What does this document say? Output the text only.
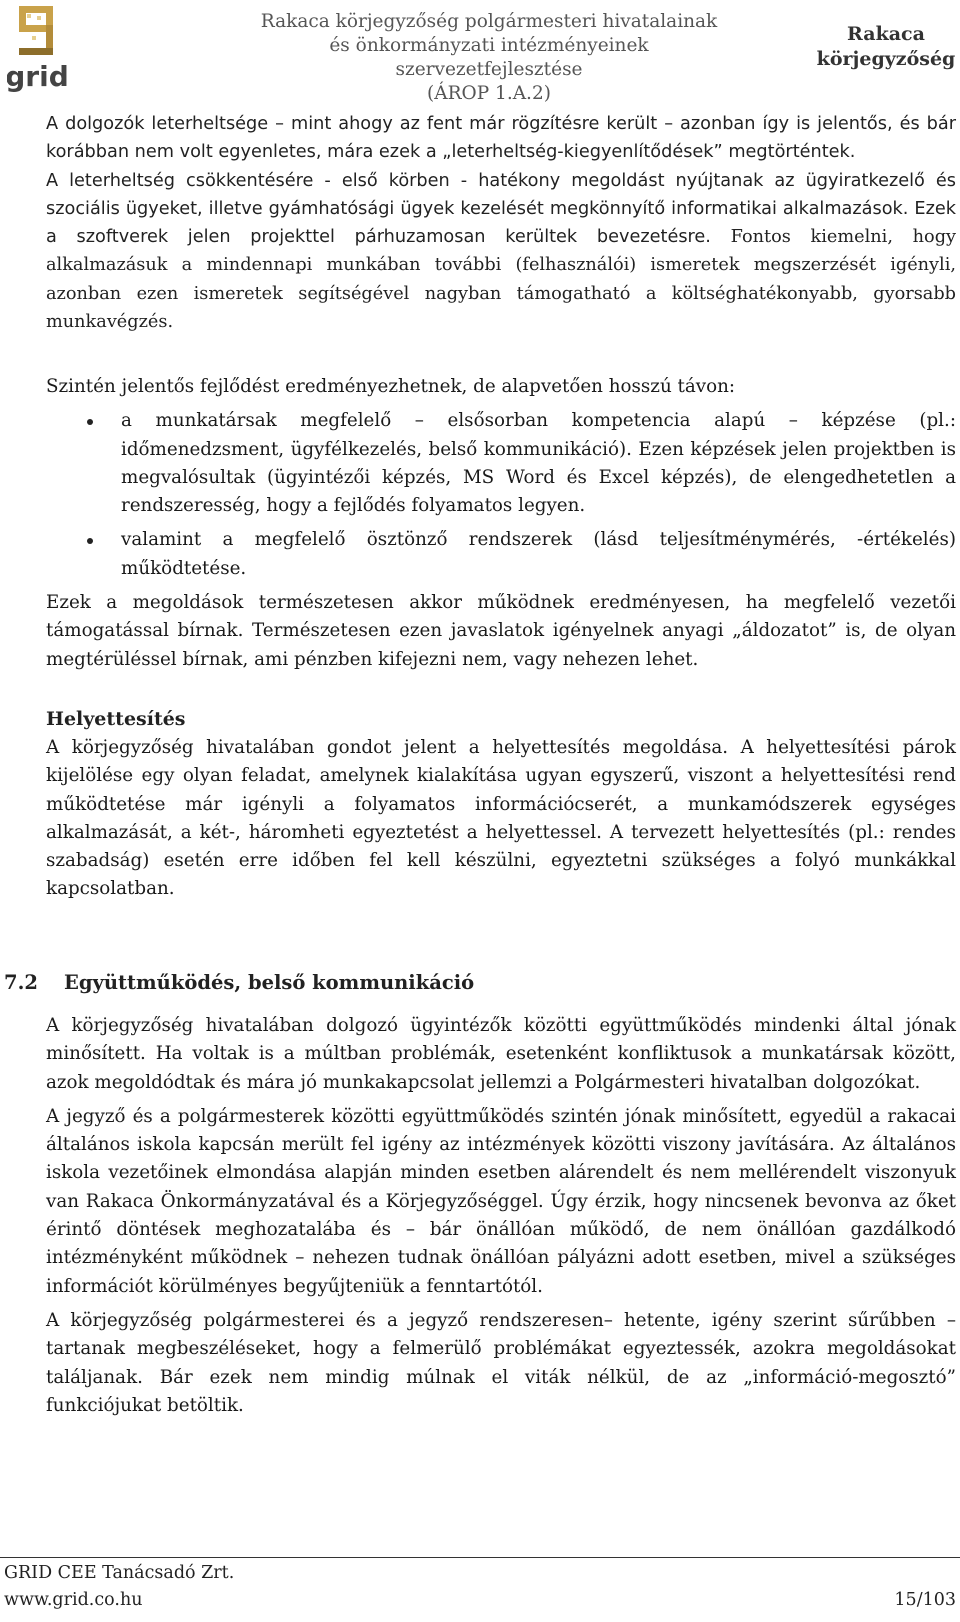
grid
Rakaca körjegyzőség polgármesteri hivatalainak
és önkormányzati intézményeinek szervezetfejlesztése
(ÁROP 1.A.2)
Rakaca
körjegyzőség

A dolgozók leterheltsége – mint ahogy az fent már rögzítésre került – azonban így is jelentős, és bár korábban nem volt egyenletes, mára ezek a „leterheltség-kiegyenlítődések” megtörténtek.

A leterheltség csökkentésére - első körben - hatékony megoldást nyújtanak az ügyiratkezelő és szociális ügyeket, illetve gyámhatósági ügyek kezelését megkönnyítő informatikai alkalmazások. Ezek a szoftverek jelen projekttel párhuzamosan kerültek bevezetésre. Fontos kiemelni, hogy alkalmazásuk a mindennapi munkában további (felhasználói) ismeretek megszerzését igényli, azonban ezen ismeretek segítségével nagyban támogatható a költséghatékonyabb, gyorsabb munkavégzés.

Szintén jelentős fejlődést eredményezhetnek, de alapvetően hosszú távon:

a munkatársak megfelelő – elsősorban kompetencia alapú – képzése (pl.: időmenedzsment, ügyfélkezelés, belső kommunikáció). Ezen képzések jelen projektben is megvalósultak (ügyintézői képzés, MS Word és Excel képzés), de elengedhetetlen a rendszeresség, hogy a fejlődés folyamatos legyen.

valamint a megfelelő ösztönző rendszerek (lásd teljesítménymérés, -értékelés) működtetése.

Ezek a megoldások természetesen akkor működnek eredményesen, ha megfelelő vezetői támogatással bírnak. Természetesen ezen javaslatok igényelnek anyagi „áldozatot” is, de olyan megtérüléssel bírnak, ami pénzben kifejezni nem, vagy nehezen lehet.

Helyettesítés

A körjegyzőség hivatalában gondot jelent a helyettesítés megoldása. A helyettesítési párok kijelölése egy olyan feladat, amelynek kialakítása ugyan egyszerű, viszont a helyettesítési rend működtetése már igényli a folyamatos információcserét, a munkamódszerek egységes alkalmazását, a két-, háromheti egyeztetést a helyettessel. A tervezett helyettesítés (pl.: rendes szabadság) esetén erre időben fel kell készülni, egyeztetni szükséges a folyó munkákkal kapcsolatban.

7.2 Együttműködés, belső kommunikáció

A körjegyzőség hivatalában dolgozó ügyintézők közötti együttműködés mindenki által jónak minősített. Ha voltak is a múltban problémák, esetenként konfliktusok a munkatársak között, azok megoldódtak és mára jó munkakapcsolat jellemzi a Polgármesteri hivatalban dolgozókat.

A jegyző és a polgármesterek közötti együttműködés szintén jónak minősített, egyedül a rakacai általános iskola kapcsán merült fel igény az intézmények közötti viszony javítására. Az általános iskola vezetőinek elmondása alapján minden esetben alárendelt és nem mellérendelt viszonyuk van Rakaca Önkormányzatával és a Körjegyzőséggel. Úgy érzik, hogy nincsenek bevonva az őket érintő döntések meghozatalába és – bár önállóan működő, de nem önállóan gazdálkodó intézményként működnek – nehezen tudnak önállóan pályázni adott esetben, mivel a szükséges információt körülményes begyűjteniük a fenntartótól.

A körjegyzőség polgármesterei és a jegyző rendszeresen– hetente, igény szerint sűrűbben – tartanak megbeszéléseket, hogy a felmerülő problémákat egyeztessék, azokra megoldásokat találjanak. Bár ezek nem mindig múlnak el viták nélkül, de az „információ-megosztó” funkciójukat betöltik.

GRID CEE Tanácsadó Zrt.
www.grid.co.hu	15/103
